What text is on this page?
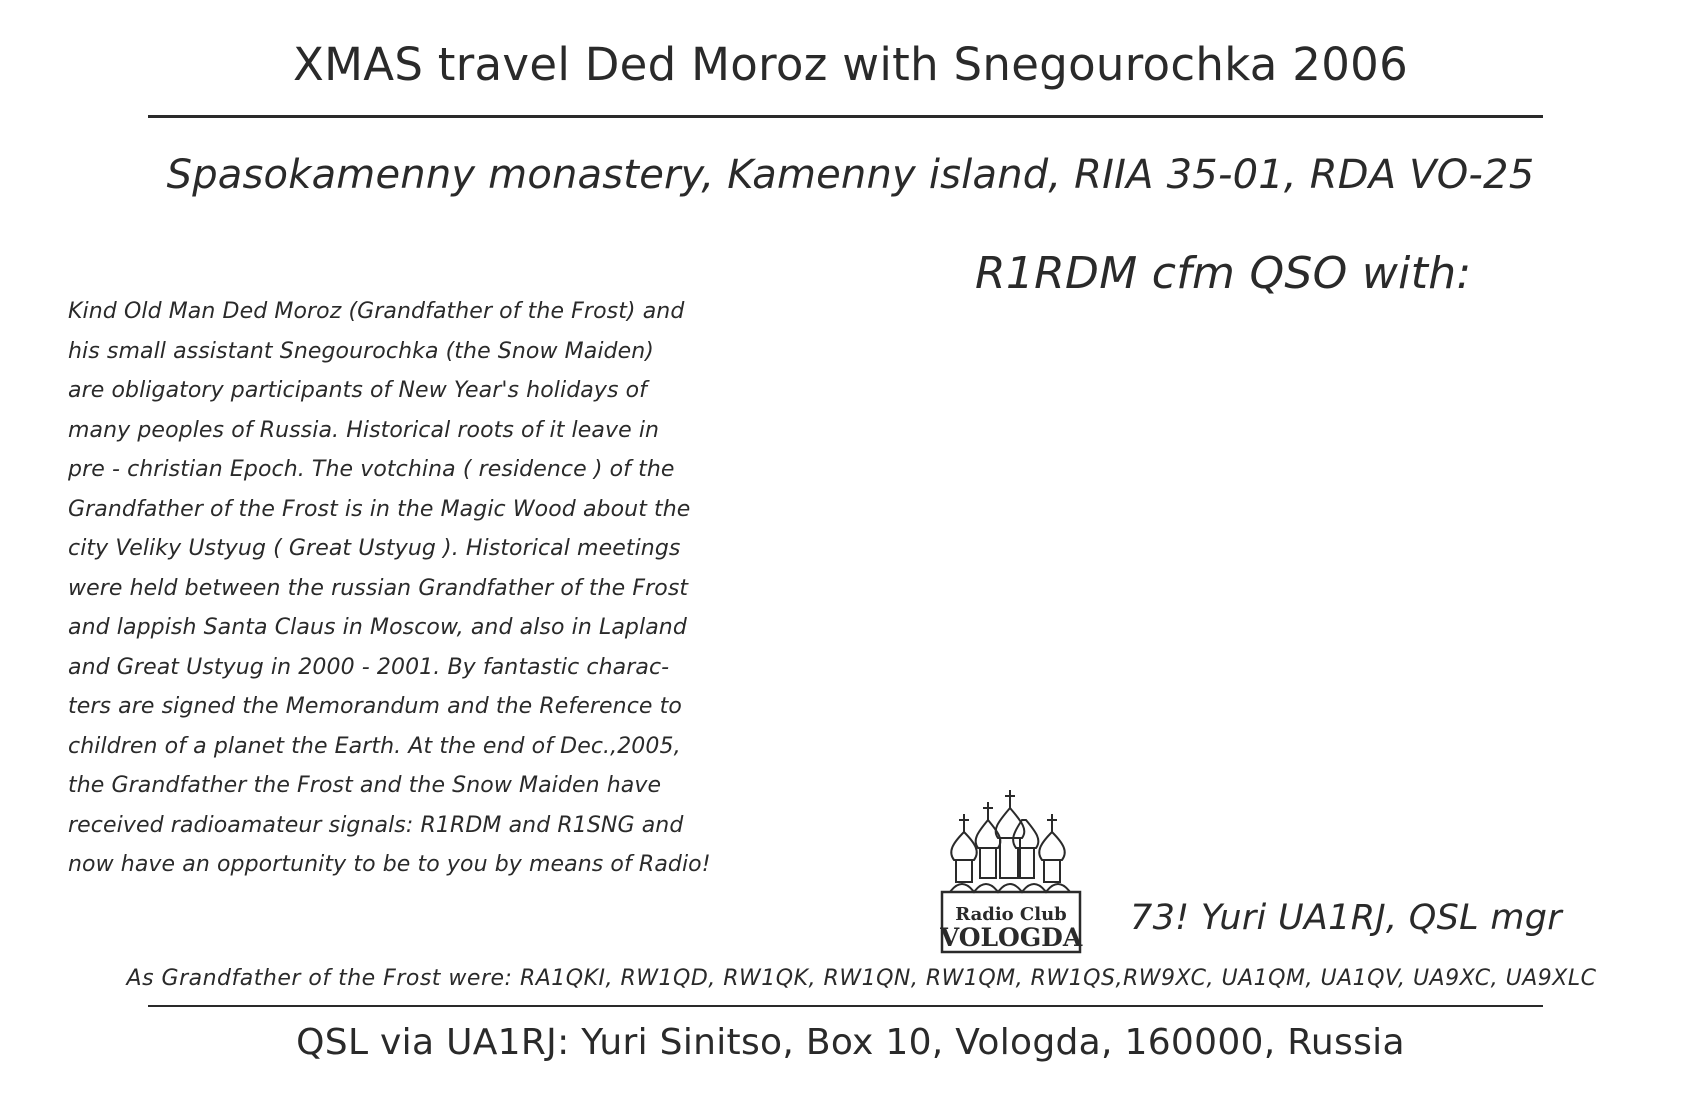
XMAS travel Ded Moroz with Snegourochka 2006
Spasokamenny monastery, Kamenny island, RIIA 35-01, RDA VO-25
R1RDM cfm QSO with:
Kind Old Man Ded Moroz (Grandfather of the Frost) and
his small assistant Snegourochka (the Snow Maiden)
are obligatory participants of New Year's holidays of
many peoples of Russia. Historical roots of it leave in
pre - christian Epoch. The votchina ( residence ) of the
Grandfather of the Frost is in the Magic Wood about the
city Veliky Ustyug ( Great Ustyug ). Historical meetings
were held between the russian Grandfather of the Frost
and lappish Santa Claus in Moscow, and also in Lapland
and Great Ustyug in 2000 - 2001. By fantastic charac-
ters are signed the Memorandum and the Reference to
children of a planet the Earth. At the end of Dec.,2005,
the Grandfather the Frost and the Snow Maiden have
received radioamateur signals: R1RDM and R1SNG and
now have an opportunity to be to you by means of Radio!
Radio Club
VOLOGDA 73! Yuri UA1RJ, QSL mgr
As Grandfather of the Frost were: RA1QKI, RW1QD, RW1QK, RW1QN, RW1QM, RW1QS,RW9XC, UA1QM, UA1QV, UA9XC, UA9XLC
QSL via UA1RJ: Yuri Sinitso, Box 10, Vologda, 160000, Russia
